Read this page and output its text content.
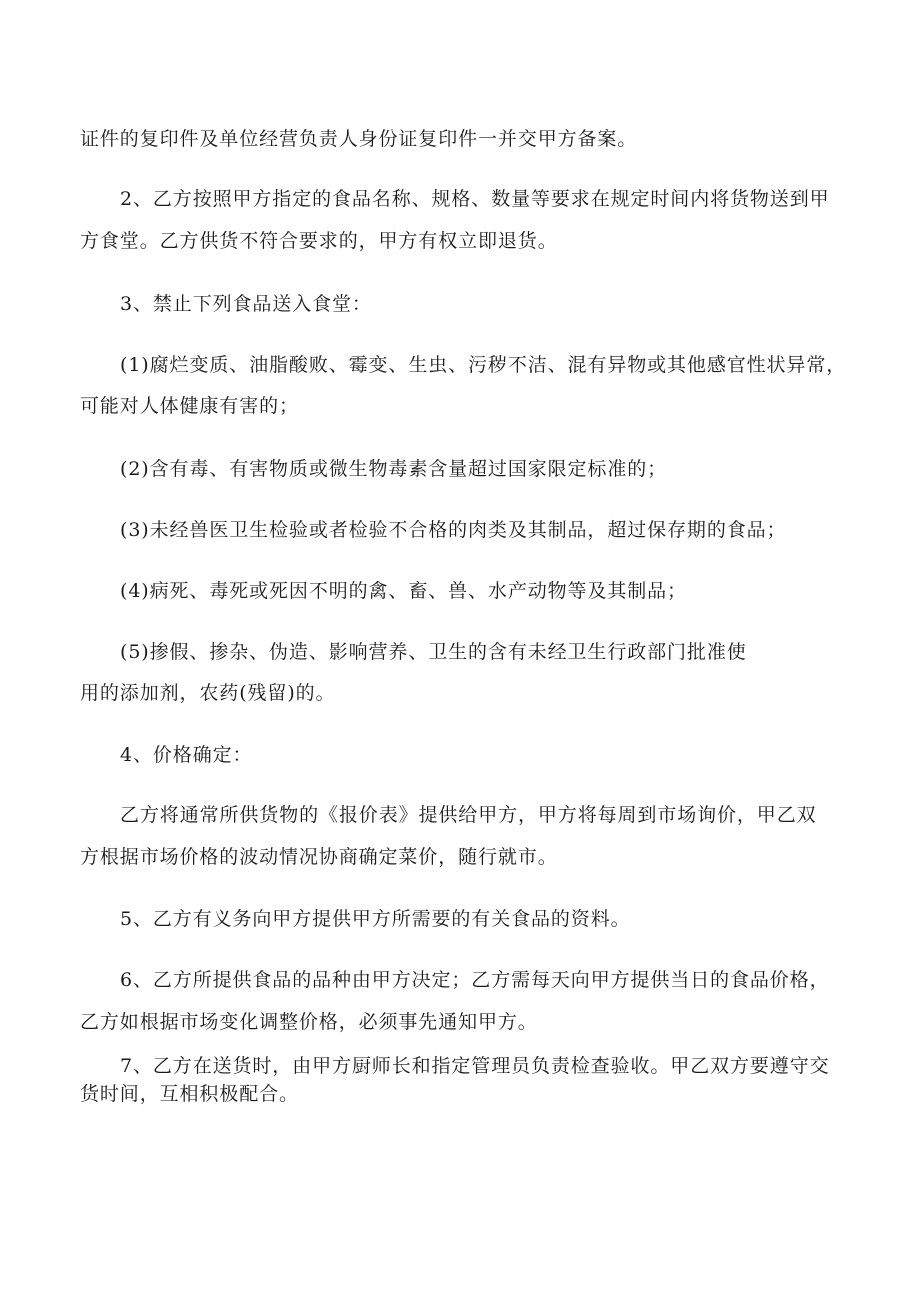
证件的复印件及单位经营负责人身份证复印件一并交甲方备案。
2、乙方按照甲方指定的食品名称、规格、数量等要求在规定时间内将货物送到甲
方食堂。乙方供货不符合要求的，甲方有权立即退货。
3、禁止下列食品送入食堂：
(1)腐烂变质、油脂酸败、霉变、生虫、污秽不洁、混有异物或其他感官性状异常，
可能对人体健康有害的；
(2)含有毒、有害物质或微生物毒素含量超过国家限定标准的；
(3)未经兽医卫生检验或者检验不合格的肉类及其制品，超过保存期的食品；
(4)病死、毒死或死因不明的禽、畜、兽、水产动物等及其制品；
(5)掺假、掺杂、伪造、影响营养、卫生的含有未经卫生行政部门批准使
用的添加剂，农药(残留)的。
4、价格确定：
乙方将通常所供货物的《报价表》提供给甲方，甲方将每周到市场询价，甲乙双
方根据市场价格的波动情况协商确定菜价，随行就市。
5、乙方有义务向甲方提供甲方所需要的有关食品的资料。
6、乙方所提供食品的品种由甲方决定；乙方需每天向甲方提供当日的食品价格，
乙方如根据市场变化调整价格，必须事先通知甲方。
7、乙方在送货时，由甲方厨师长和指定管理员负责检查验收。甲乙双方要遵守交
货时间，互相积极配合。
